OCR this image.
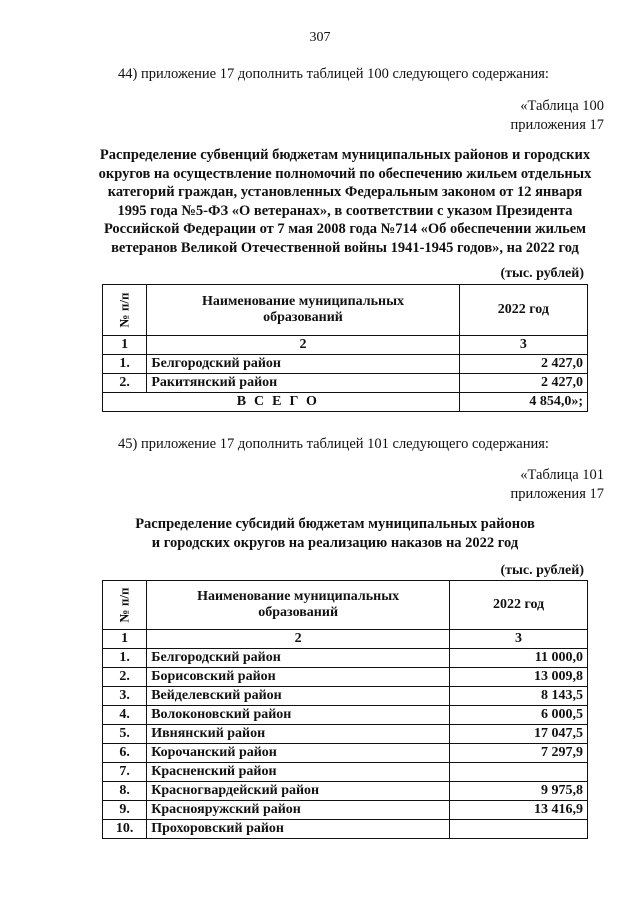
307
44) приложение 17 дополнить таблицей 100 следующего содержания:
«Таблица 100
приложения 17
Распределение субвенций бюджетам муниципальных районов и городских
округов на осуществление полномочий по обеспечению жильем отдельных
категорий граждан, установленных Федеральным законом от 12 января
1995 года №5-ФЗ «О ветеранах», в соответствии с указом Президента
Российской Федерации от 7 мая 2008 года №714 «Об обеспечении жильем
ветеранов Великой Отечественной войны 1941-1945 годов», на 2022 год
(тыс. рублей)
№ п/п	Наименование муниципальных образований	2022 год
1	2	3
1.	Белгородский район	2 427,0
2.	Ракитянский район	2 427,0
ВСЕГО		4 854,0»;
45) приложение 17 дополнить таблицей 101 следующего содержания:
«Таблица 101
приложения 17
Распределение субсидий бюджетам муниципальных районов
и городских округов на реализацию наказов на 2022 год
(тыс. рублей)
№ п/п	Наименование муниципальных образований	2022 год
1	2	3
1.	Белгородский район	11 000,0
2.	Борисовский район	13 009,8
3.	Вейделевский район	8 143,5
4.	Волоконовский район	6 000,5
5.	Ивнянский район	17 047,5
6.	Корочанский район	7 297,9
7.	Красненский район	
8.	Красногвардейский район	9 975,8
9.	Краснояружский район	13 416,9
10.	Прохоровский район	
